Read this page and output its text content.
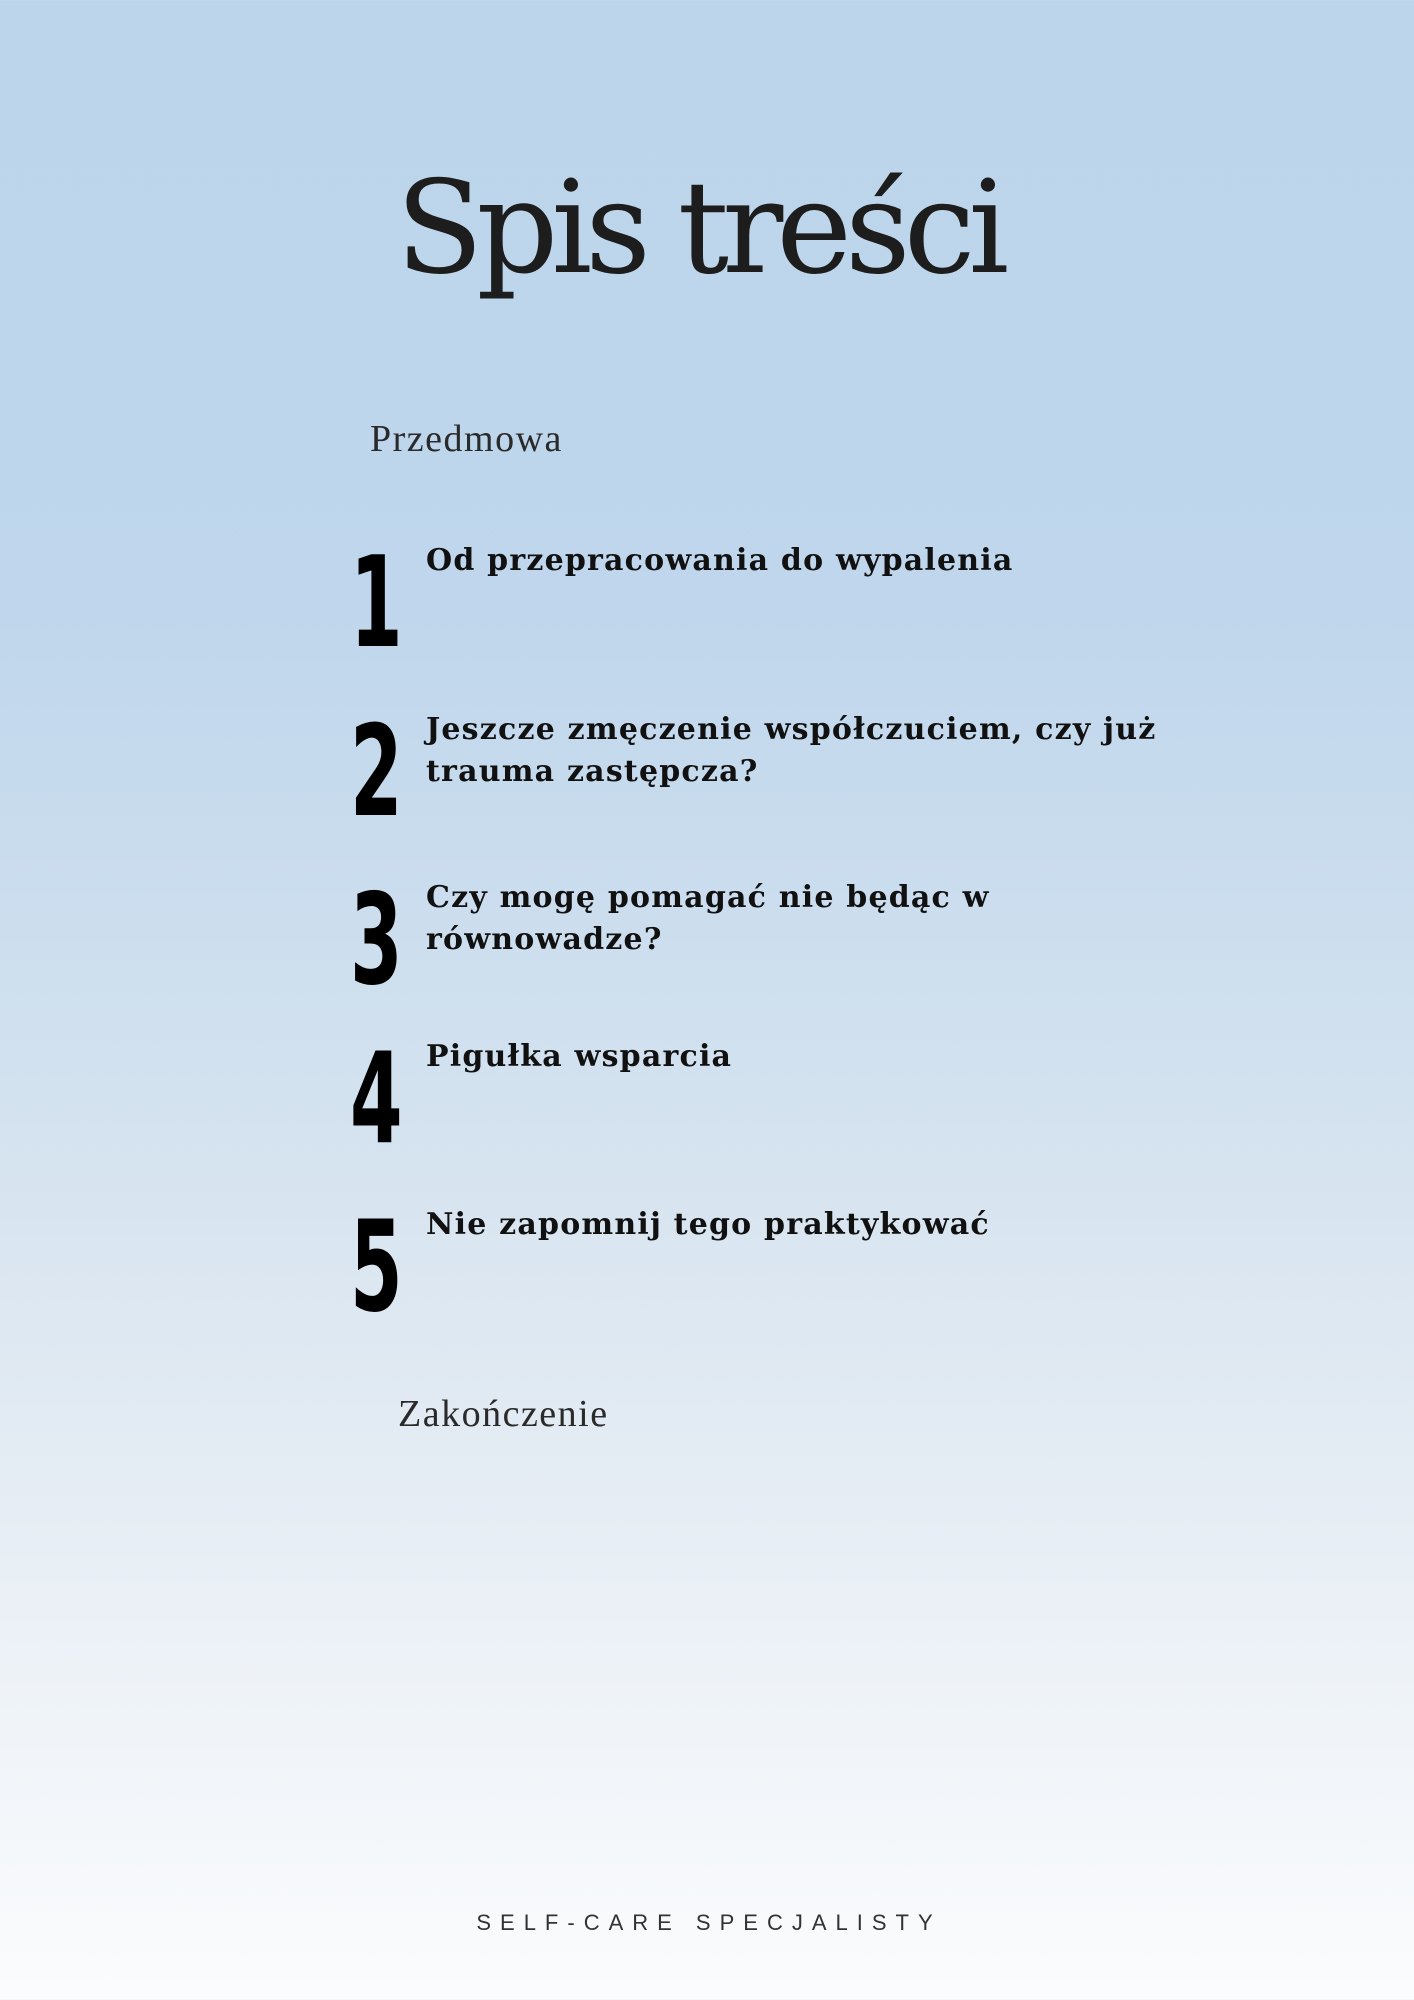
Spis treści
Przedmowa
1 Od przepracowania do wypalenia
2 Jeszcze zmęczenie współczuciem, czy już trauma zastępcza?
3 Czy mogę pomagać nie będąc w równowadze?
4 Pigułka wsparcia
5 Nie zapomnij tego praktykować
Zakończenie
SELF-CARE SPECJALISTY
